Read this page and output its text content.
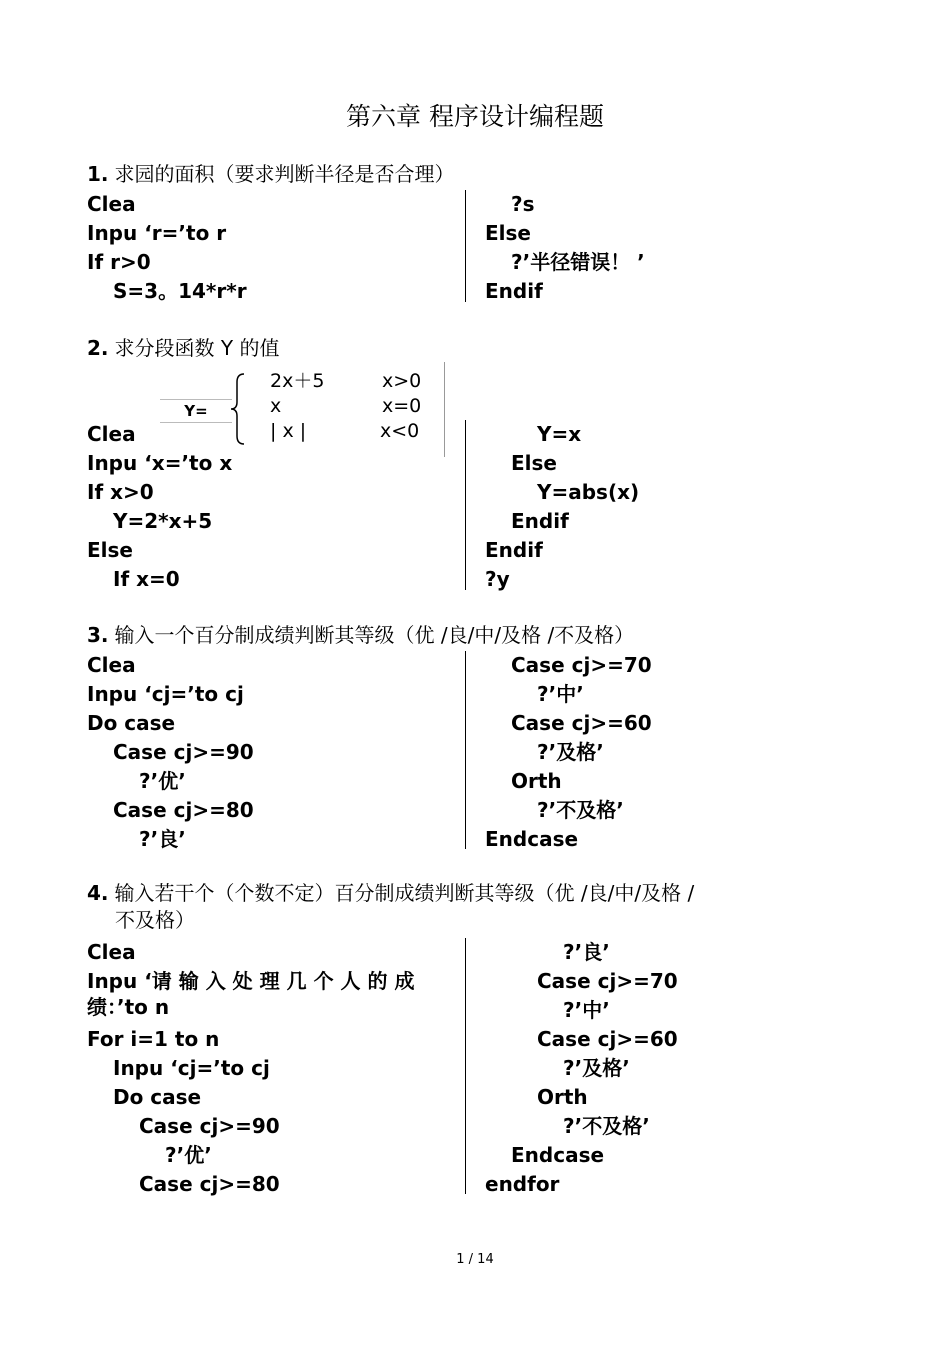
第六章 程序设计编程题
1. 求园的面积（要求判断半径是否合理）
Clea
Inpu ‘r=’to r
If r>0
S=3。14*r*r
?s
Else
?’半径错误！ ’
Endif
2. 求分段函数 Y 的值
Y=
2x＋5
x
| x |
x>0
x=0
x<0
Clea
Inpu ‘x=’to x
If x>0
Y=2*x+5
Else
If x=0
Y=x
Else
Y=abs(x)
Endif
Endif
?y
3. 输入一个百分制成绩判断其等级（优 /良/中/及格 /不及格）
Clea
Inpu ‘cj=’to cj
Do case
Case cj>=90
?’优’
Case cj>=80
?’良’
Case cj>=70
?’中’
Case cj>=60
?’及格’
Orth
?’不及格’
Endcase
4. 输入若干个（个数不定）百分制成绩判断其等级（优 /良/中/及格 /
不及格）
Clea
Inpu ‘请 输 入 处 理 几 个 人 的 成
绩：’to n
For i=1 to n
Inpu ‘cj=’to cj
Do case
Case cj>=90
?’优’
Case cj>=80
?’良’
Case cj>=70
?’中’
Case cj>=60
?’及格’
Orth
?’不及格’
Endcase
endfor
1 / 14
